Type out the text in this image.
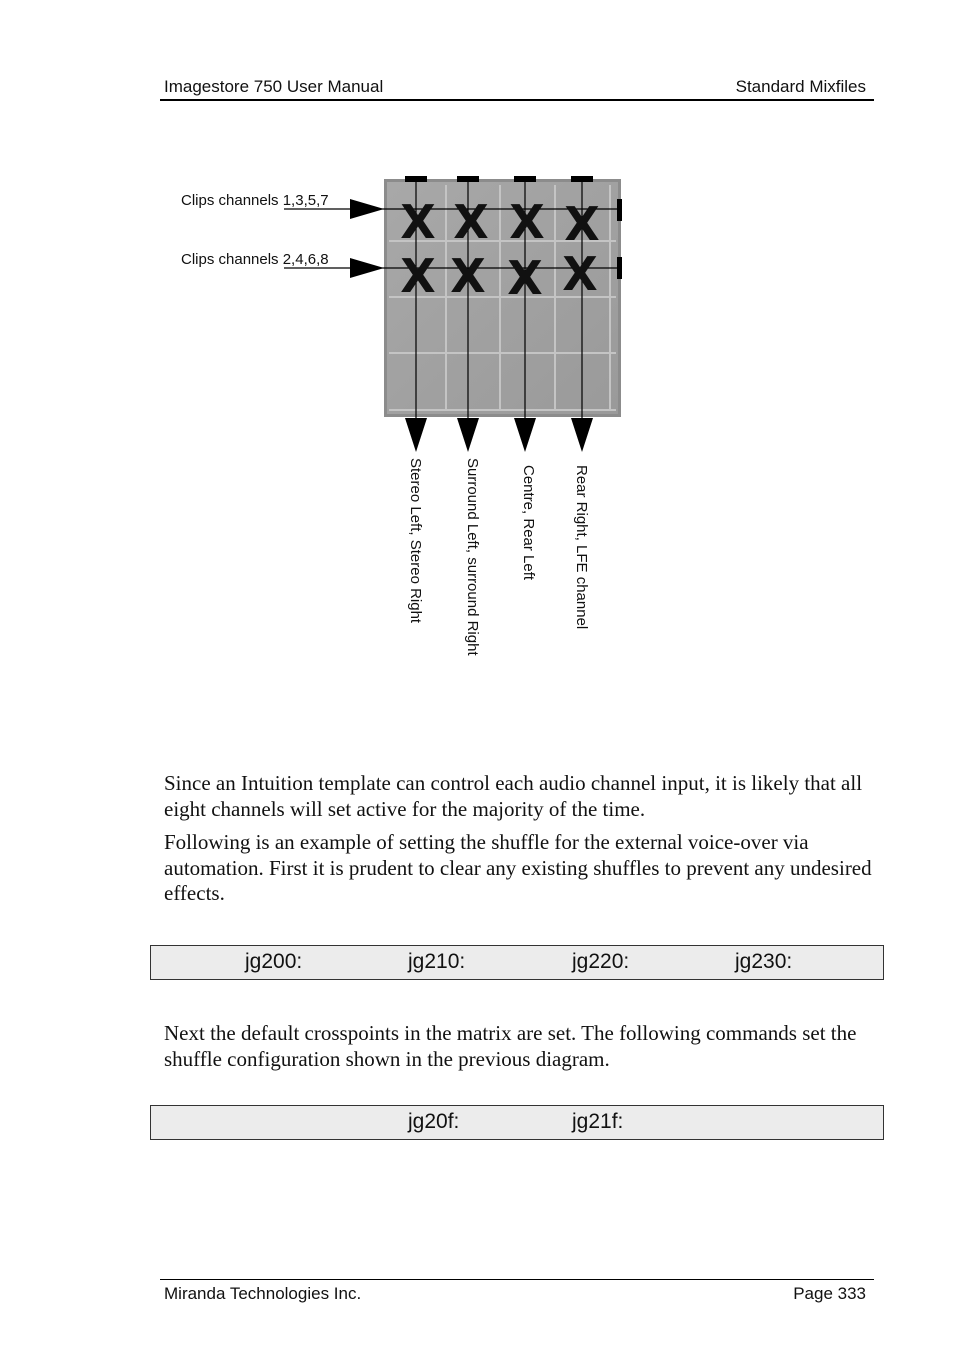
Imagestore 750 User Manual	Standard Mixfiles
X X X X
X X X X
Clips channels 1,3,5,7
Clips channels 2,4,6,8
Stereo Left, Stereo Right	Surround Left, surround Right	Centre, Rear Left Rear Right, LFE channel

Since an Intuition template can control each audio channel input, it is likely that all eight channels will set active for the majority of the time.

Following is an example of setting the shuffle for the external voice-over via automation. First it is prudent to clear any existing shuffles to prevent any undesired effects.

jg200:	jg210:	jg220:	jg230:

Next the default crosspoints in the matrix are set. The following commands set the shuffle configuration shown in the previous diagram.

jg20f:	jg21f:
Miranda Technologies Inc.	Page 333
